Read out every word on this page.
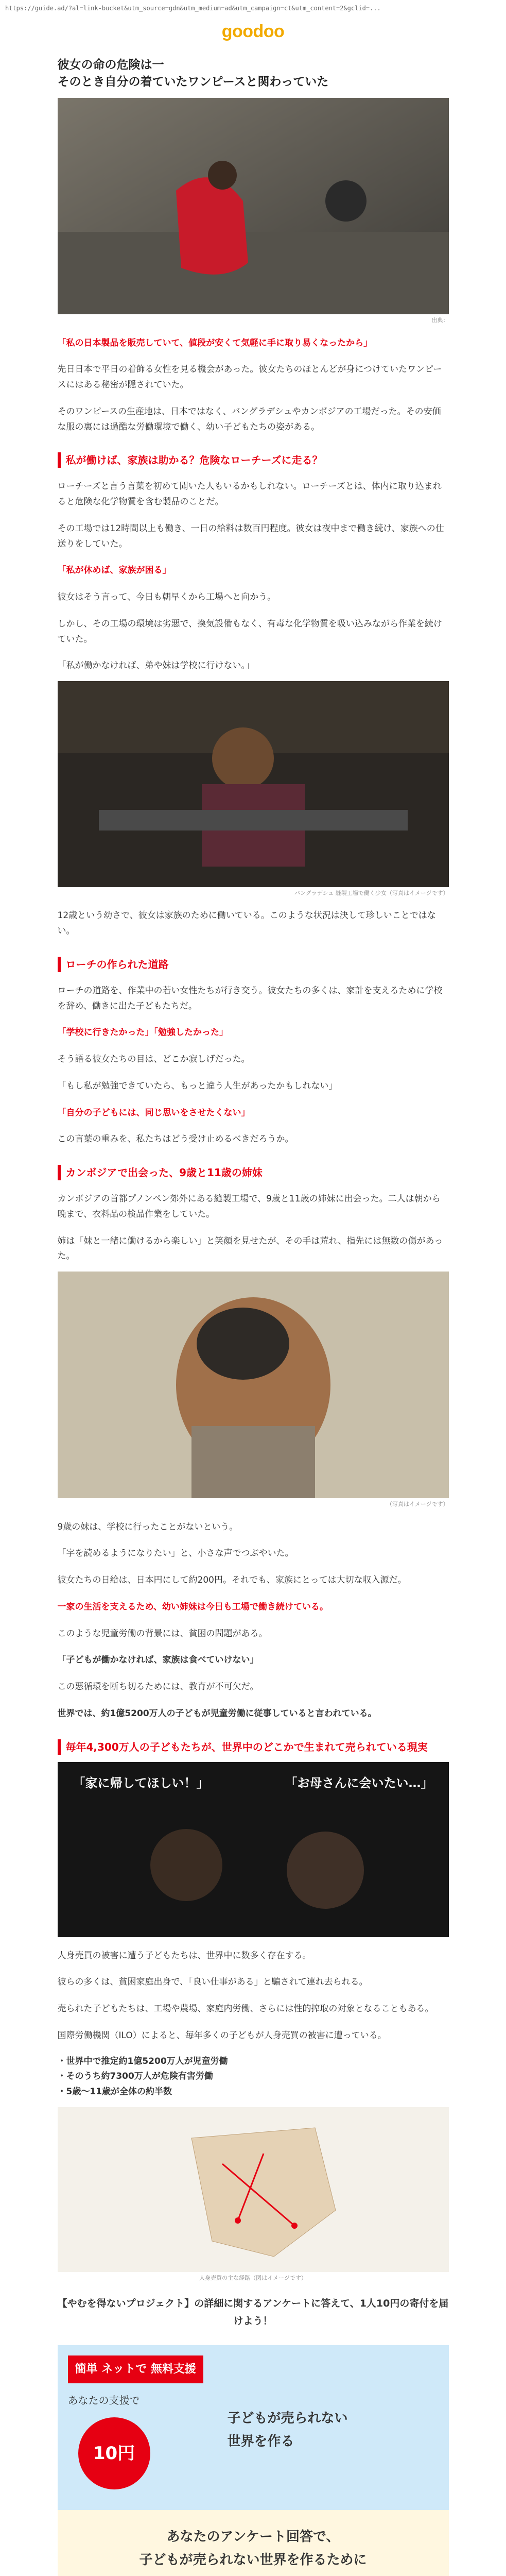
https://guide.ad/?al=link-bucket&utm_source=gdn&utm_medium=ad&utm_campaign=ct&utm_content=2&gclid=...
goodoo
彼女の命の危険は一
そのとき自分の着ていたワンピースと関わっていた
出典：

「私の日本製品を販売していて、値段が安くて気軽に手に取り易くなったから」

先日日本で平日の着飾る女性を見る機会があった。彼女たちのほとんどが身につけていたワンピースにはある秘密が隠されていた。

そのワンピースの生産地は、日本ではなく、バングラデシュやカンボジアの工場だった。その安価な服の裏には過酷な労働環境で働く、幼い子どもたちの姿がある。

私が働けば、家族は助かる？危険なローチーズに走る？

ローチーズと言う言葉を初めて聞いた人もいるかもしれない。ローチーズとは、体内に取り込まれると危険な化学物質を含む製品のことだ。

その工場では12時間以上も働き、一日の給料は数百円程度。彼女は夜中まで働き続け、家族への仕送りをしていた。

「私が休めば、家族が困る」

彼女はそう言って、今日も朝早くから工場へと向かう。

しかし、その工場の環境は劣悪で、換気設備もなく、有毒な化学物質を吸い込みながら作業を続けていた。

「私が働かなければ、弟や妹は学校に行けない。」

バングラデシュ 縫製工場で働く少女（写真はイメージです）

12歳という幼さで、彼女は家族のために働いている。このような状況は決して珍しいことではない。

ローチの作られた道路

ローチの道路を、作業中の若い女性たちが行き交う。彼女たちの多くは、家計を支えるために学校を辞め、働きに出た子どもたちだ。

「学校に行きたかった」「勉強したかった」

そう語る彼女たちの目は、どこか寂しげだった。

「もし私が勉強できていたら、もっと違う人生があったかもしれない」

「自分の子どもには、同じ思いをさせたくない」

この言葉の重みを、私たちはどう受け止めるべきだろうか。

カンボジアで出会った、9歳と11歳の姉妹

カンボジアの首都プノンペン郊外にある縫製工場で、9歳と11歳の姉妹に出会った。二人は朝から晩まで、衣料品の検品作業をしていた。

姉は「妹と一緒に働けるから楽しい」と笑顔を見せたが、その手は荒れ、指先には無数の傷があった。

（写真はイメージです）

9歳の妹は、学校に行ったことがないという。

「字を読めるようになりたい」と、小さな声でつぶやいた。

彼女たちの日給は、日本円にして約200円。それでも、家族にとっては大切な収入源だ。

一家の生活を支えるため、幼い姉妹は今日も工場で働き続けている。

このような児童労働の背景には、貧困の問題がある。

「子どもが働かなければ、家族は食べていけない」

この悪循環を断ち切るためには、教育が不可欠だ。

世界では、約1億5200万人の子どもが児童労働に従事していると言われている。

毎年4,300万人の子どもたちが、世界中のどこかで生まれて売られている現実
「家に帰してほしい！」	「お母さんに会いたい…」

人身売買の被害に遭う子どもたちは、世界中に数多く存在する。

彼らの多くは、貧困家庭出身で、「良い仕事がある」と騙されて連れ去られる。

売られた子どもたちは、工場や農場、家庭内労働、さらには性的搾取の対象となることもある。

国際労働機関（ILO）によると、毎年多くの子どもが人身売買の被害に遭っている。

・世界中で推定約1億5200万人が児童労働
・そのうち約7300万人が危険有害労働
・5歳〜11歳が全体の約半数
人身売買の主な経路（図はイメージです）
【やむを得ないプロジェクト】の詳細に関するアンケートに答えて、1人10円の寄付を届けよう！
簡単 ネットで 無料支援
あなたの支援で
10円
子どもが売られない
世界を作る
あなたのアンケート回答で、
子どもが売られない世界を作るために
